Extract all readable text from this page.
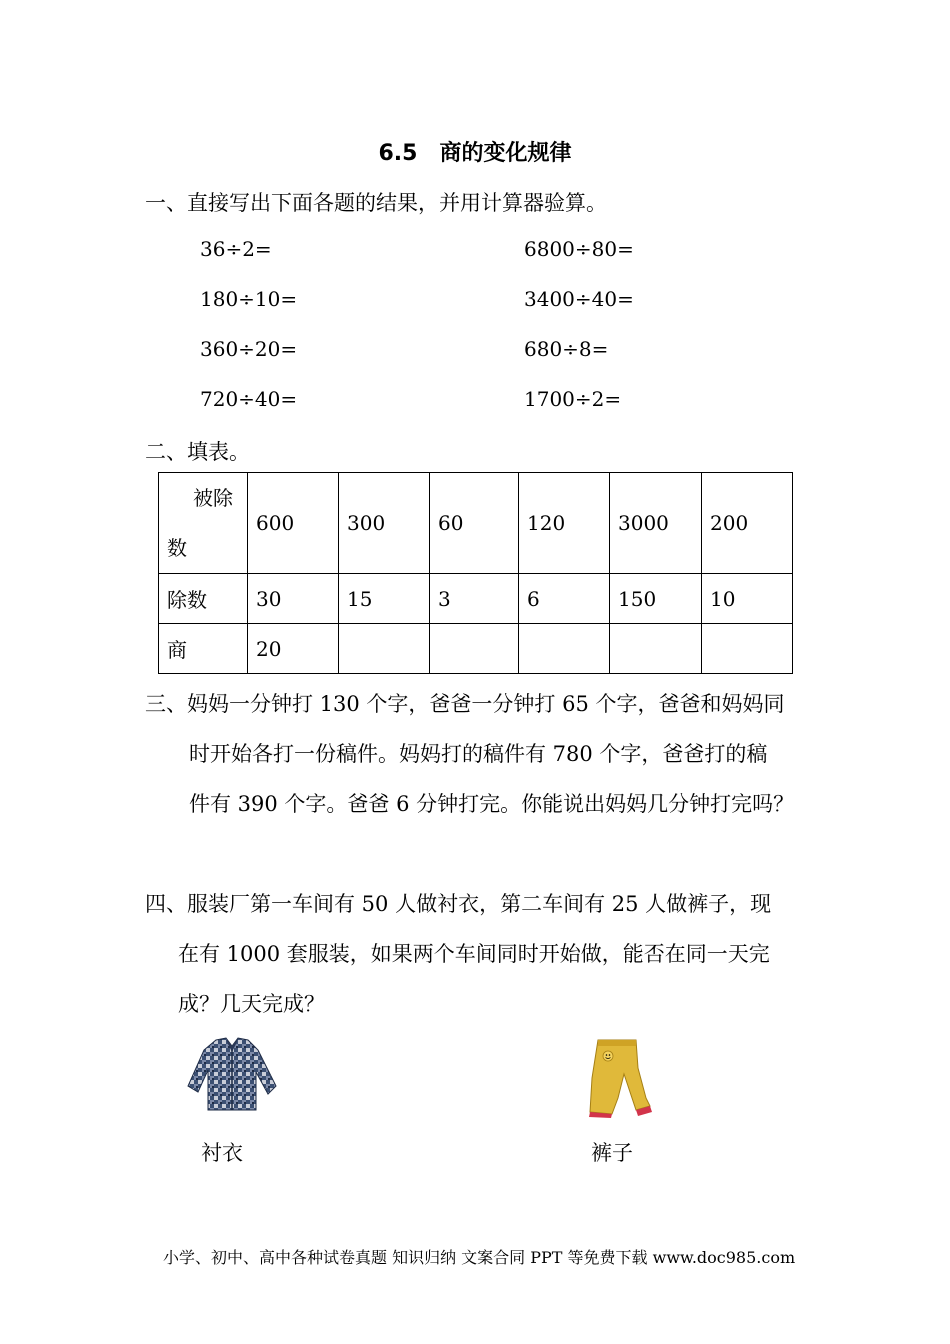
6.5　商的变化规律
一、直接写出下面各题的结果，并用计算器验算。
36÷2=
180÷10=
360÷20=
720÷40=
6800÷80=
3400÷40=
680÷8=
1700÷2=
二、填表。
被除
数	600	300	60	120	3000	200
除数	30	15	3	6	150	10
商	20					
三、妈妈一分钟打 130 个字，爸爸一分钟打 65 个字，爸爸和妈妈同
时开始各打一份稿件。妈妈打的稿件有 780 个字，爸爸打的稿
件有 390 个字。爸爸 6 分钟打完。你能说出妈妈几分钟打完吗？
四、服装厂第一车间有 50 人做衬衣，第二车间有 25 人做裤子，现
在有 1000 套服装，如果两个车间同时开始做，能否在同一天完
成？几天完成？
衬衣	裤子
小学、初中、高中各种试卷真题 知识归纳 文案合同 PPT 等免费下载 www.doc985.com
